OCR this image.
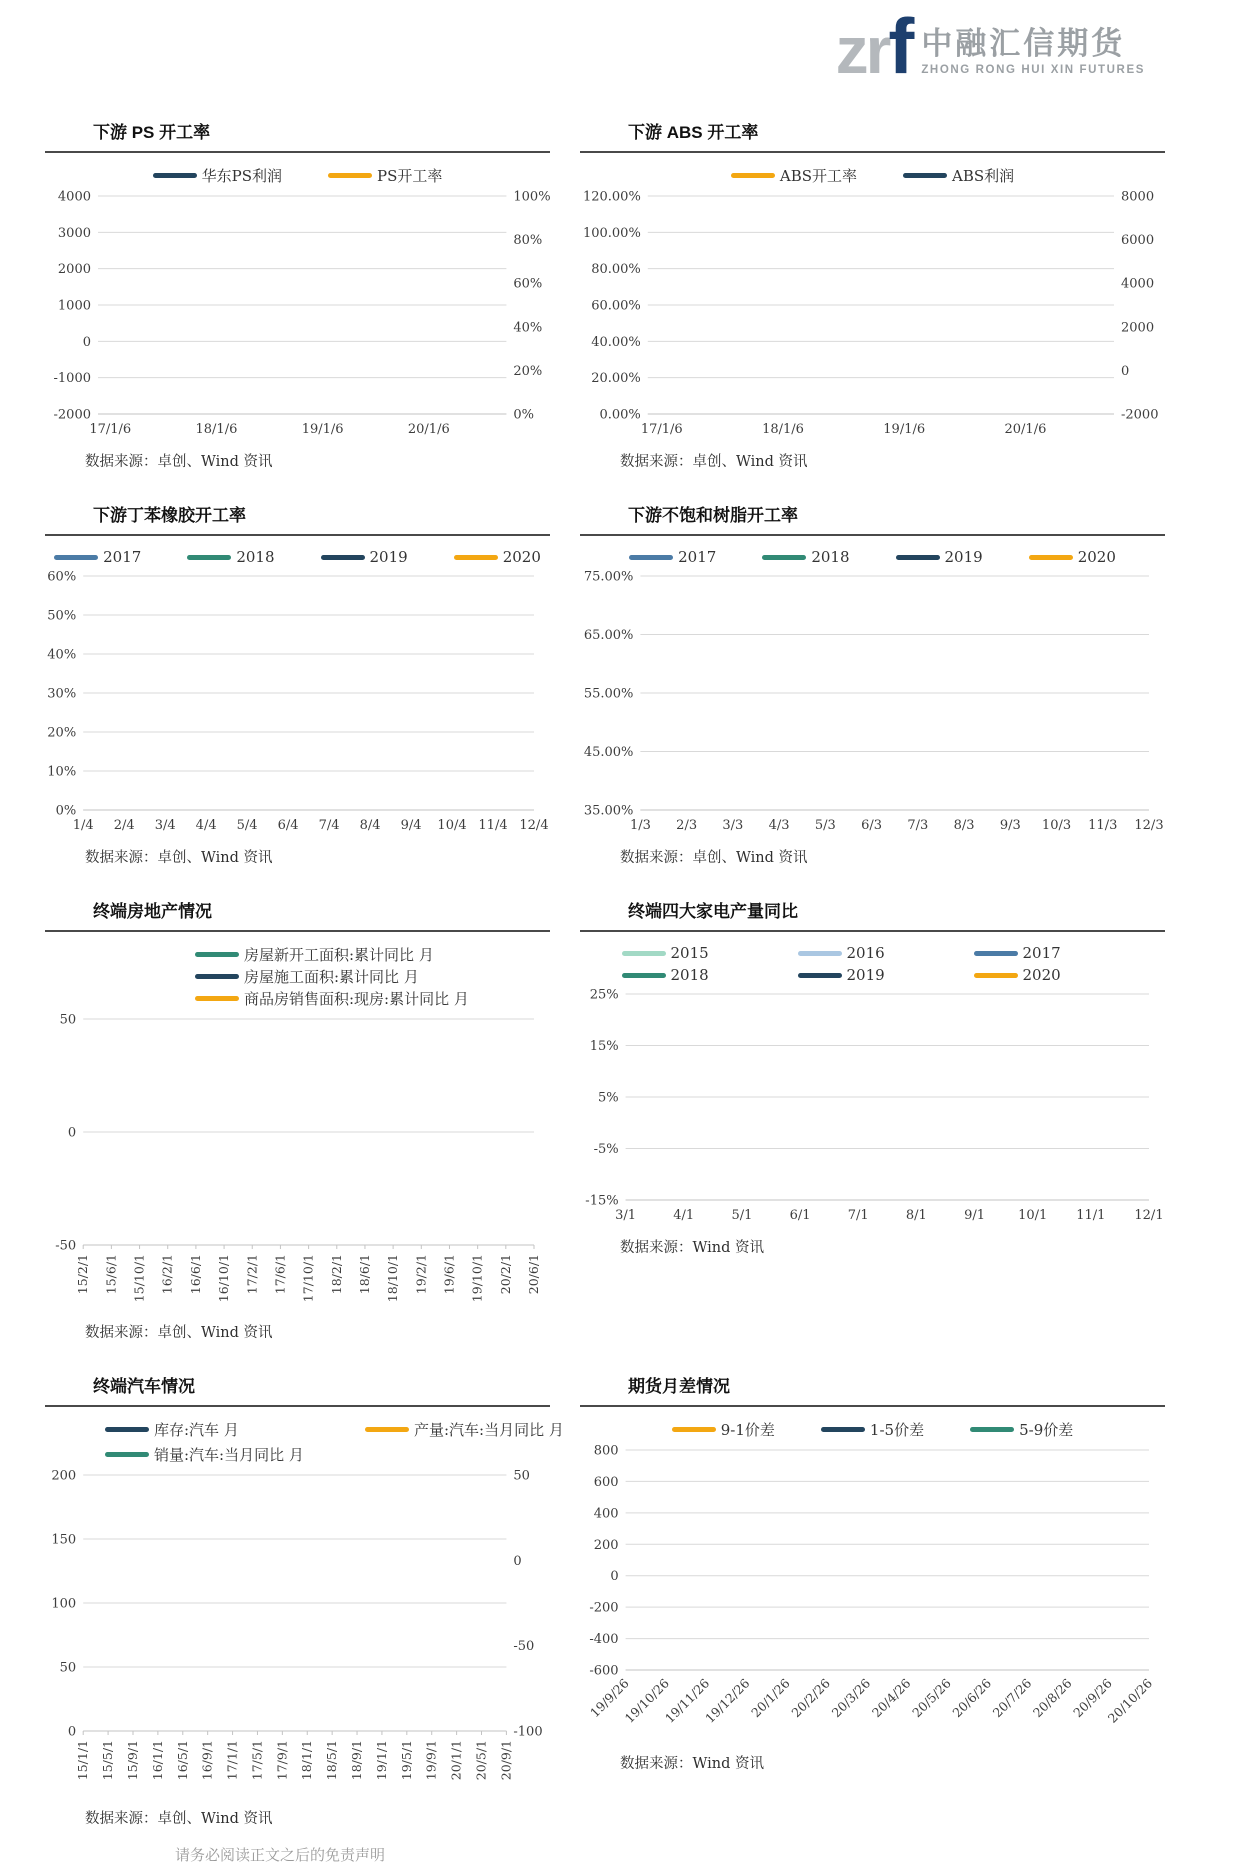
zrf 中融汇信期货
ZHONG RONG HUI XIN FUTURES
下游 PS 开工率
华东PS利润	PS开工率
4000
3000
2000
1000
0
-1000
-2000
100%
80%
60%
40%
20%
0%
17/1/6	18/1/6	19/1/6	20/1/6
数据来源：卓创、Wind 资讯
下游 ABS 开工率
ABS开工率	ABS利润
120.00%
100.00%
80.00%
60.00%
40.00%
20.00%
0.00%
8000
6000
4000
2000
0
-2000
17/1/6	18/1/6	19/1/6	20/1/6
数据来源：卓创、Wind 资讯
下游丁苯橡胶开工率
2017	2018	2019	2020
60%
50%
40%
30%
20%
10%
0%
1/4 2/4 3/4 4/4 5/4 6/4 7/4 8/4 9/4 10/4 11/4 12/4
数据来源：卓创、Wind 资讯
下游不饱和树脂开工率
2017	2018	2019	2020
75.00%
65.00%
55.00%
45.00%
35.00%
1/3 2/3 3/3 4/3 5/3 6/3 7/3 8/3 9/3 10/3 11/3 12/3
数据来源：卓创、Wind 资讯
终端房地产情况
房屋新开工面积:累计同比 月
房屋施工面积:累计同比 月
商品房销售面积:现房:累计同比 月
50
0
-50
15/2/1 15/6/1 15/10/1 16/2/1 16/6/1 16/10/1 17/2/1 17/6/1 17/10/1 18/2/1 18/6/1 18/10/1 19/2/1 19/6/1 19/10/1 20/2/1 20/6/1
数据来源：卓创、Wind 资讯
终端四大家电产量同比
2015	2016	2017
2018	2019	2020
25%
15%
5%
-5%
-15%
3/1	4/1	5/1	6/1	7/1	8/1	9/1	10/1 11/1 12/1
数据来源：Wind 资讯
终端汽车情况
库存:汽车 月	产量:汽车:当月同比 月
销量:汽车:当月同比 月
200
150
100
50
0
50
0
-50
-100
15/1/1 15/5/1 15/9/1 16/1/1 16/5/1 16/9/1 17/1/1 17/5/1 17/9/1 18/1/1 18/5/1 18/9/1 19/1/1 19/5/1 19/9/1 20/1/1 20/5/1 20/9/1
数据来源：卓创、Wind 资讯
期货月差情况
9-1价差	1-5价差	5-9价差
800
600
400
200
0
-200
-400
-600
19/9/26
19/10/26
19/11/26
19/12/26
20/1/26
20/2/26
20/3/26
20/4/26
20/5/26
20/6/26
20/7/26
20/8/26
20/9/26
20/10/26
数据来源：Wind 资讯
请务必阅读正文之后的免责声明
